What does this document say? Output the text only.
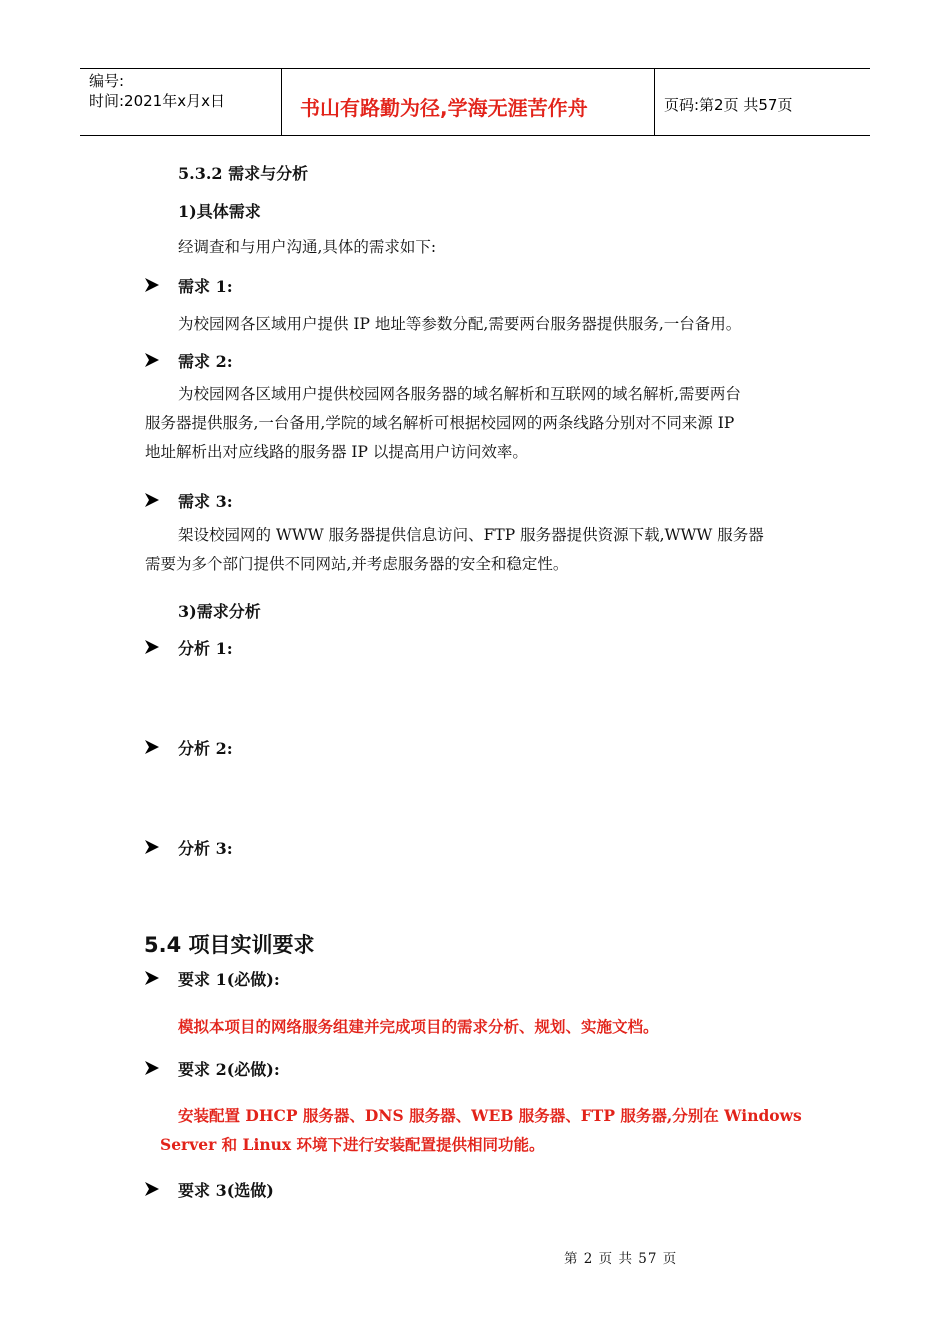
编号:
时间:2021年x月x日	书山有路勤为径,学海无涯苦作舟	页码:第2页 共57页
5.3.2 需求与分析
1)具体需求
经调查和与用户沟通,具体的需求如下:
需求 1:
为校园网各区域用户提供 IP 地址等参数分配,需要两台服务器提供服务,一台备用。
需求 2:
为校园网各区域用户提供校园网各服务器的域名解析和互联网的域名解析,需要两台
服务器提供服务,一台备用,学院的域名解析可根据校园网的两条线路分别对不同来源 IP
地址解析出对应线路的服务器 IP 以提高用户访问效率。
需求 3:
架设校园网的 WWW 服务器提供信息访问、FTP 服务器提供资源下载,WWW 服务器
需要为多个部门提供不同网站,并考虑服务器的安全和稳定性。
3)需求分析
分析 1:
分析 2:
分析 3:
5.4 项目实训要求
要求 1(必做):
模拟本项目的网络服务组建并完成项目的需求分析、规划、实施文档。
要求 2(必做):
安装配置 DHCP 服务器、DNS 服务器、WEB 服务器、FTP 服务器,分别在 Windows
Server 和 Linux 环境下进行安装配置提供相同功能。
要求 3(选做)
第 2 页 共 57 页
